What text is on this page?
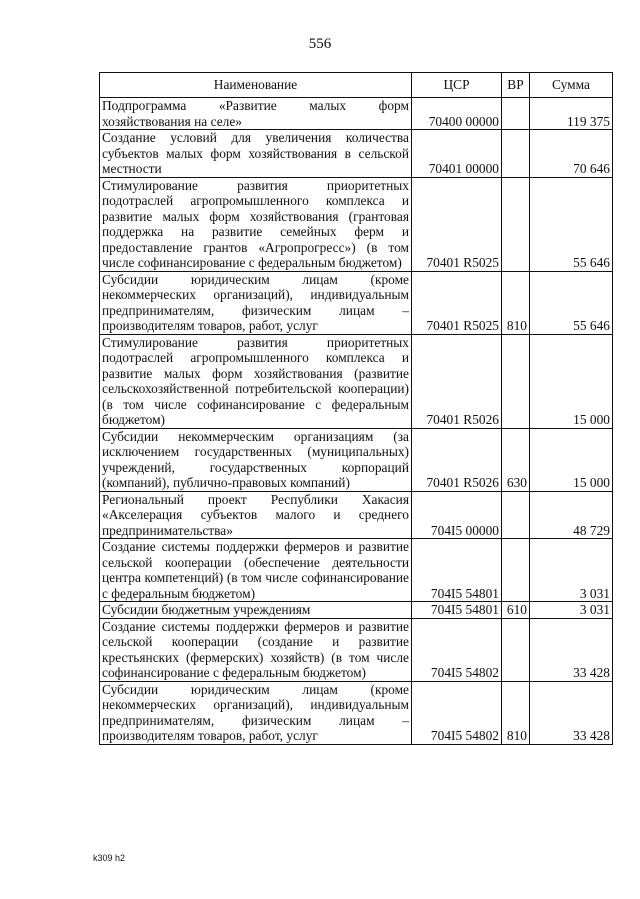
556
Наименование	ЦСР	ВР	Сумма
Подпрограмма «Развитие малых форм хозяйствования на селе»	70400 00000		119 375
Создание условий для увеличения количества субъектов малых форм хозяйствования в сельской местности	70401 00000		70 646
Стимулирование развития приоритетных подотраслей агропромышленного комплекса и развитие малых форм хозяйствования (грантовая поддержка на развитие семейных ферм и предоставление грантов «Агропрогресс») (в том числе софинансирование с федеральным бюджетом)	70401 R5025		55 646
Субсидии юридическим лицам (кроме некоммерческих организаций), индивидуальным предпринимателям, физическим лицам – производителям товаров, работ, услуг	70401 R5025	810	55 646
Стимулирование развития приоритетных подотраслей агропромышленного комплекса и развитие малых форм хозяйствования (развитие сельскохозяйственной потребительской кооперации) (в том числе софинансирование с федеральным бюджетом)	70401 R5026		15 000
Субсидии некоммерческим организациям (за исключением государственных (муниципальных) учреждений, государственных корпораций (компаний), публично-правовых компаний)	70401 R5026	630	15 000
Региональный проект Республики Хакасия «Акселерация субъектов малого и среднего предпринимательства»	704I5 00000		48 729
Создание системы поддержки фермеров и развитие сельской кооперации (обеспечение деятельности центра компетенций) (в том числе софинансирование с федеральным бюджетом)	704I5 54801		3 031
Субсидии бюджетным учреждениям	704I5 54801	610	3 031
Создание системы поддержки фермеров и развитие сельской кооперации (создание и развитие крестьянских (фермерских) хозяйств) (в том числе софинансирование с федеральным бюджетом)	704I5 54802		33 428
Субсидии юридическим лицам (кроме некоммерческих организаций), индивидуальным предпринимателям, физическим лицам – производителям товаров, работ, услуг	704I5 54802	810	33 428
k309 h2
